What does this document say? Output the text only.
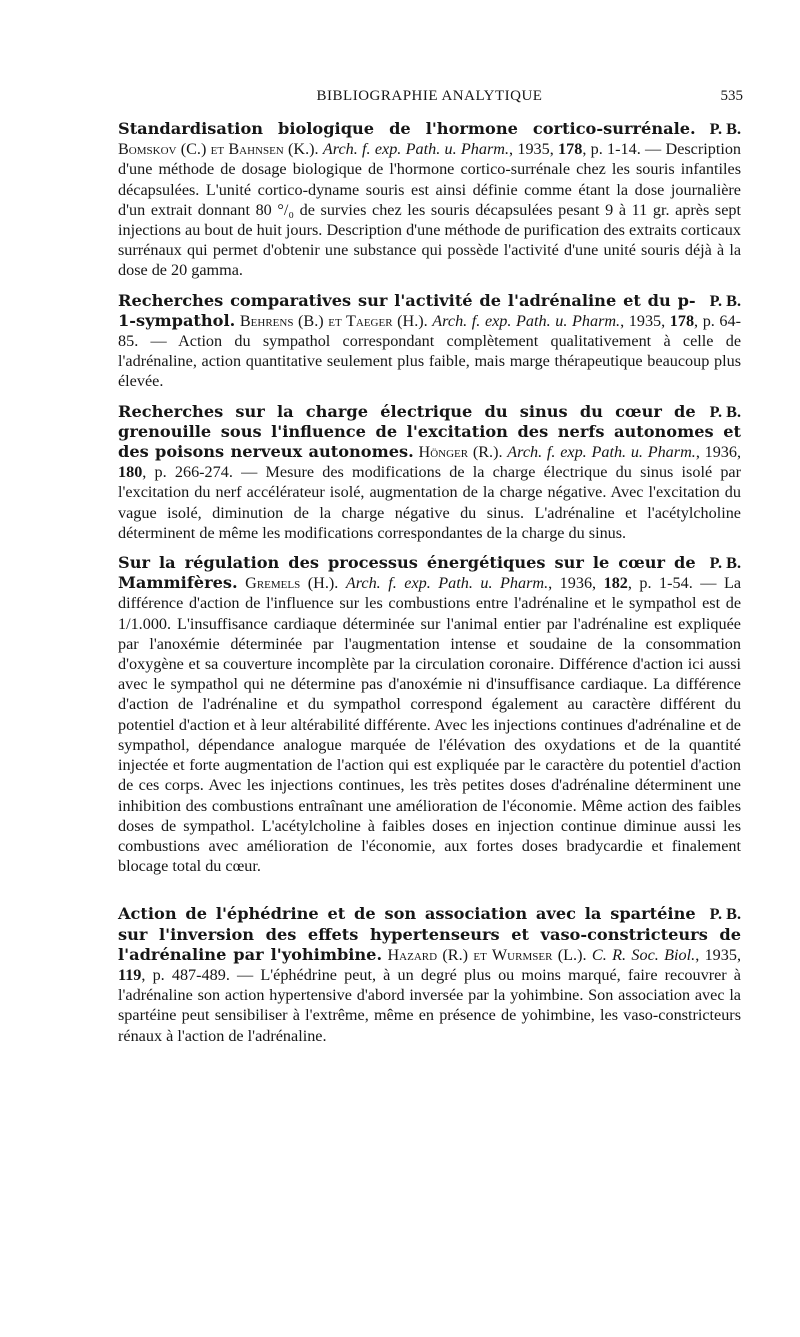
BIBLIOGRAPHIE ANALYTIQUE	535

P. B.
Standardisation biologique de l'hormone cortico-surrénale. Bomskov (C.) et Bahnsen (K.). Arch. f. exp. Path. u. Pharm., 1935, 178, p. 1-14. — Description d'une méthode de dosage biologique de l'hormone cortico-surrénale chez les souris infantiles décapsulées. L'unité cortico-dyname souris est ainsi définie comme étant la dose journalière d'un extrait donnant 80 °/₀ de survies chez les souris décapsulées pesant 9 à 11 gr. après sept injections au bout de huit jours. Description d'une méthode de purification des extraits corticaux surrénaux qui permet d'obtenir une substance qui possède l'activité d'une unité souris déjà à la dose de 20 gamma.

P. B.
Recherches comparatives sur l'activité de l'adrénaline et du p-1-sympathol. Behrens (B.) et Taeger (H.). Arch. f. exp. Path. u. Pharm., 1935, 178, p. 64-85. — Action du sympathol correspondant complètement qualitativement à celle de l'adrénaline, action quantitative seulement plus faible, mais marge thérapeutique beaucoup plus élevée.

P. B.
Recherches sur la charge électrique du sinus du cœur de grenouille sous l'influence de l'excitation des nerfs autonomes et des poisons nerveux autonomes. Hönger (R.). Arch. f. exp. Path. u. Pharm., 1936, 180, p. 266-274. — Mesure des modifications de la charge électrique du sinus isolé par l'excitation du nerf accélérateur isolé, augmentation de la charge négative. Avec l'excitation du vague isolé, diminution de la charge négative du sinus. L'adrénaline et l'acétylcholine déterminent de même les modifications correspondantes de la charge du sinus.

P. B.
Sur la régulation des processus énergétiques sur le cœur de Mammifères. Gremels (H.). Arch. f. exp. Path. u. Pharm., 1936, 182, p. 1-54. — La différence d'action de l'influence sur les combustions entre l'adrénaline et le sympathol est de 1/1.000. L'insuffisance cardiaque déterminée sur l'animal entier par l'adrénaline est expliquée par l'anoxémie déterminée par l'augmentation intense et soudaine de la consommation d'oxygène et sa couverture incomplète par la circulation coronaire. Différence d'action ici aussi avec le sympathol qui ne détermine pas d'anoxémie ni d'insuffisance cardiaque. La différence d'action de l'adrénaline et du sympathol correspond également au caractère différent du potentiel d'action et à leur altérabilité différente. Avec les injections continues d'adrénaline et de sympathol, dépendance analogue marquée de l'élévation des oxydations et de la quantité injectée et forte augmentation de l'action qui est expliquée par le caractère du potentiel d'action de ces corps. Avec les injections continues, les très petites doses d'adrénaline déterminent une inhibition des combustions entraînant une amélioration de l'économie. Même action des faibles doses de sympathol. L'acétylcholine à faibles doses en injection continue diminue aussi les combustions avec amélioration de l'économie, aux fortes doses bradycardie et finalement blocage total du cœur.

P. B.
Action de l'éphédrine et de son association avec la spartéine sur l'inversion des effets hypertenseurs et vaso-constricteurs de l'adrénaline par l'yohimbine. Hazard (R.) et Wurmser (L.). C. R. Soc. Biol., 1935, 119, p. 487-489. — L'éphédrine peut, à un degré plus ou moins marqué, faire recouvrer à l'adrénaline son action hypertensive d'abord inversée par la yohimbine. Son association avec la spartéine peut sensibiliser à l'extrême, même en présence de yohimbine, les vaso-constricteurs rénaux à l'action de l'adrénaline.
